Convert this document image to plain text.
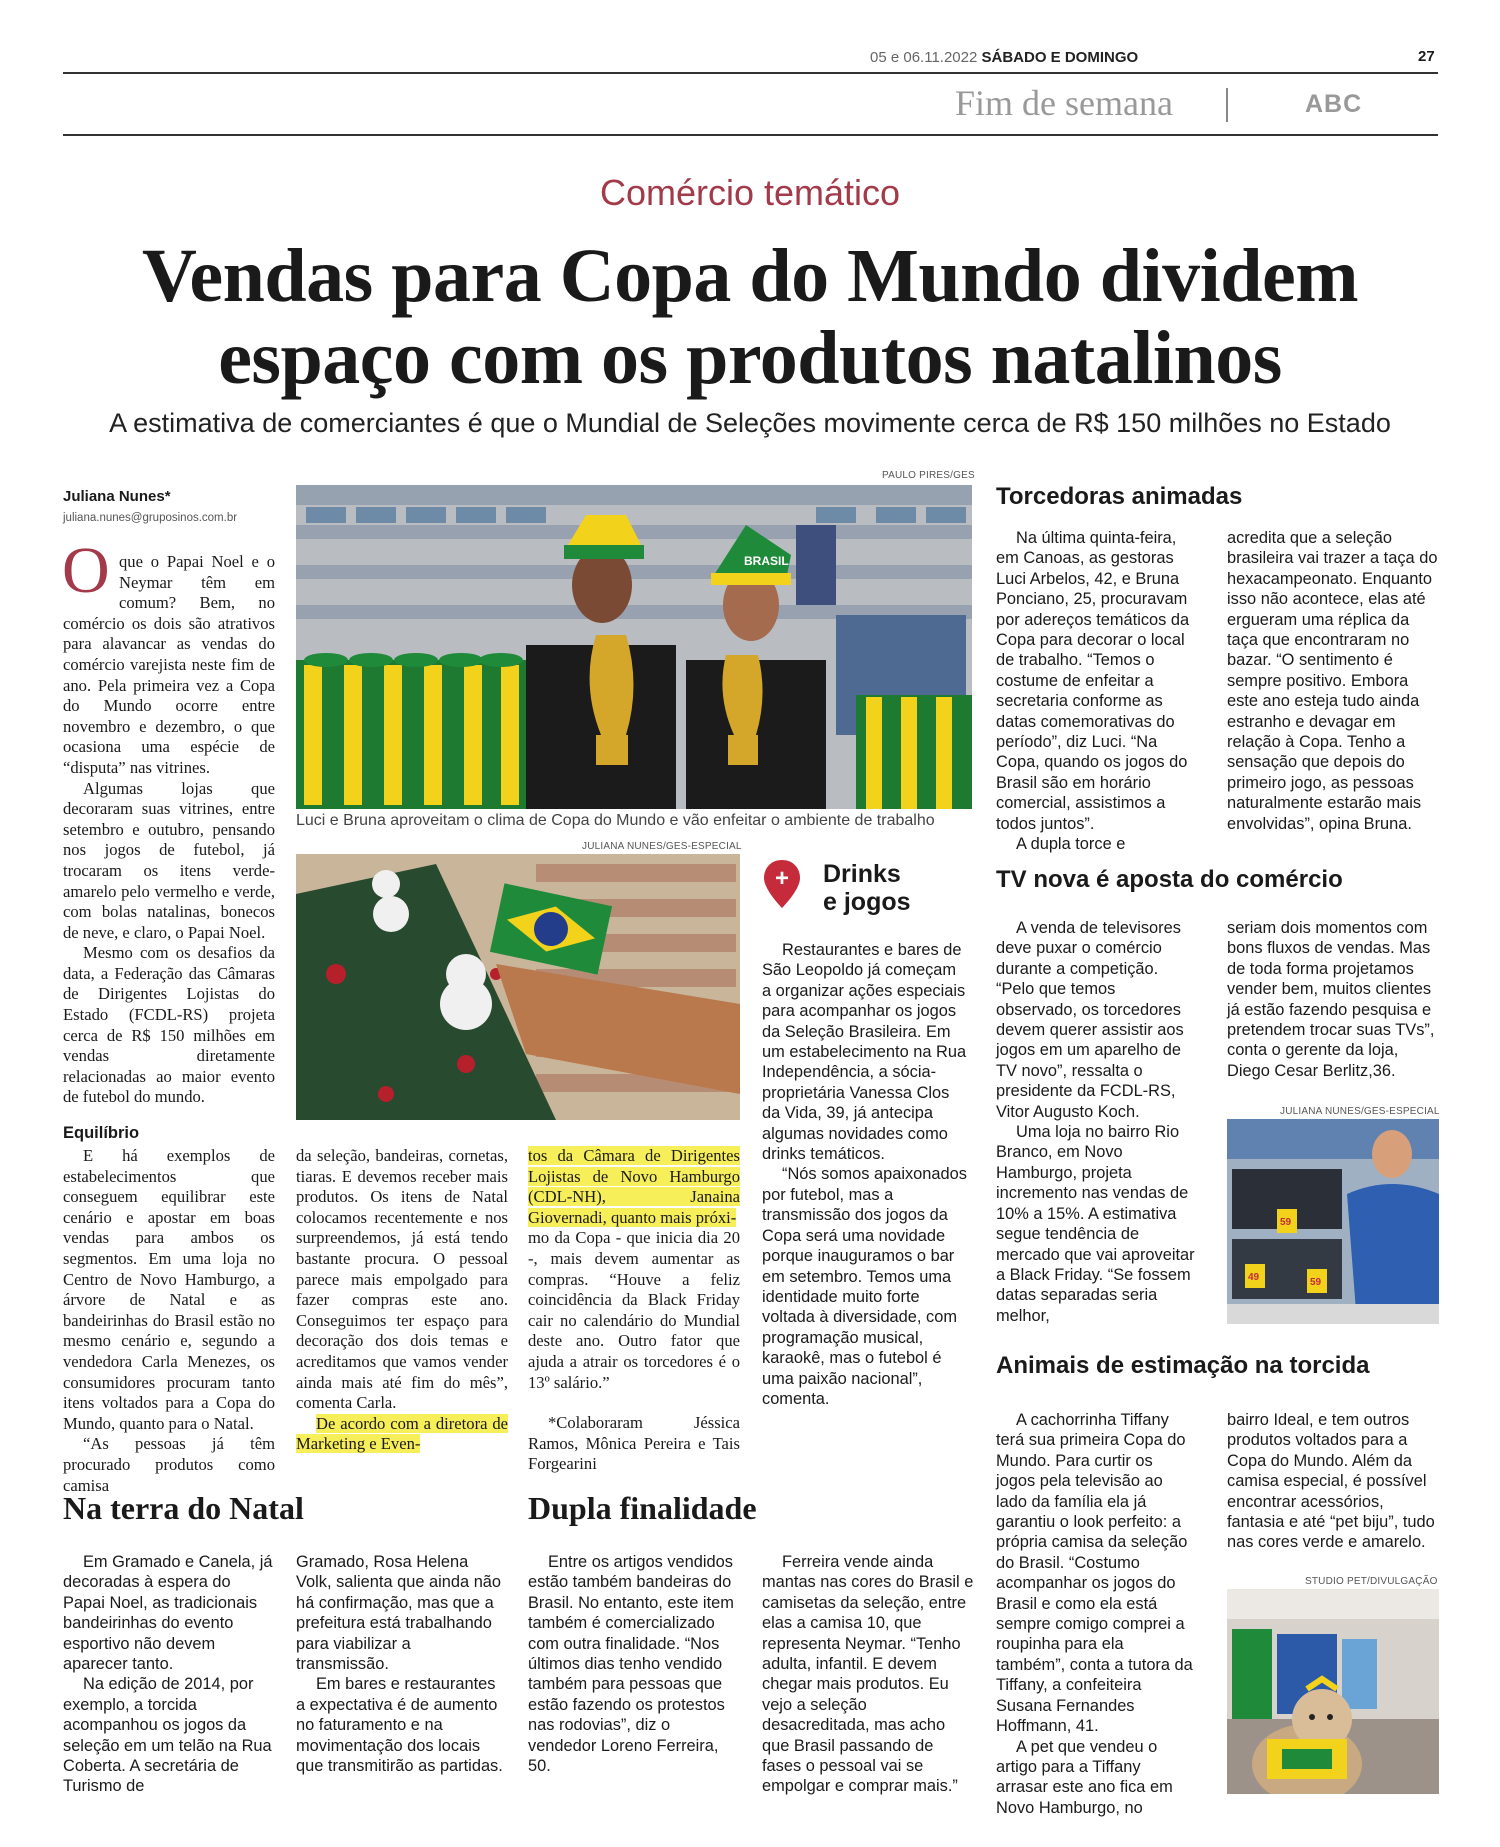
05 e 06.11.2022 SÁBADO E DOMINGO	27
Fim de semana	ABC
Comércio temático
Vendas para Copa do Mundo dividem
espaço com os produtos natalinos
A estimativa de comerciantes é que o Mundial de Seleções movimente cerca de R$ 150 milhões no Estado
Juliana Nunes*
juliana.nunes@gruposinos.com.br
O que o Papai Noel e o Neymar têm em comum? Bem, no comércio os dois são atrativos para alavancar as vendas do comércio varejista neste fim de ano. Pela primeira vez a Copa do Mundo ocorre entre novembro e dezembro, o que ocasiona uma espécie de “disputa” nas vitrines.

Algumas lojas que decoraram suas vitrines, entre setembro e outubro, pensando nos jogos de futebol, já trocaram os itens verde-amarelo pelo vermelho e verde, com bolas natalinas, bonecos de neve, e claro, o Papai Noel.

Mesmo com os desafios da data, a Federação das Câmaras de Dirigentes Lojistas do Estado (FCDL-RS) projeta cerca de R$ 150 milhões em vendas diretamente relacionadas ao maior evento de futebol do mundo.

Equilíbrio

E há exemplos de estabelecimentos que conseguem equilibrar este cenário e apostar em boas vendas para ambos os segmentos. Em uma loja no Centro de Novo Hamburgo, a árvore de Natal e as bandeirinhas do Brasil estão no mesmo cenário e, segundo a vendedora Carla Menezes, os consumidores procuram tanto itens voltados para a Copa do Mundo, quanto para o Natal.

“As pessoas já têm procurado produtos como camisa

PAULO PIRES/GES
BRASIL
Luci e Bruna aproveitam o clima de Copa do Mundo e vão enfeitar o ambiente de trabalho
JULIANA NUNES/GES-ESPECIAL

da seleção, bandeiras, cornetas, tiaras. E devemos receber mais produtos. Os itens de Natal colocamos recentemente e nos surpreendemos, já está tendo bastante procura. O pessoal parece mais empolgado para fazer compras este ano. Conseguimos ter espaço para decoração dos dois temas e acreditamos que vamos vender ainda mais até fim do mês”, comenta Carla.

De acordo com a diretora de Marketing e Even-

tos da Câmara de Dirigentes Lojistas de Novo Hamburgo (CDL-NH), Janaina Giovernadi, quanto mais próxi-

mo da Copa - que inicia dia 20 -, mais devem aumentar as compras. “Houve a feliz coincidência da Black Friday cair no calendário do Mundial deste ano. Outro fator que ajuda a atrair os torcedores é o 13º salário.”

*Colaboraram Jéssica Ramos, Mônica Pereira e Tais Forgearini

+ Drinks
e jogos

Restaurantes e bares de São Leopoldo já começam a organizar ações especiais para acompanhar os jogos da Seleção Brasileira. Em um estabelecimento na Rua Independência, a sócia-proprietária Vanessa Clos da Vida, 39, já antecipa algumas novidades como drinks temáticos.

“Nós somos apaixonados por futebol, mas a transmissão dos jogos da Copa será uma novidade porque inauguramos o bar em setembro. Temos uma identidade muito forte voltada à diversidade, com programação musical, karaokê, mas o futebol é uma paixão nacional”, comenta.

Torcedoras animadas

Na última quinta-feira, em Canoas, as gestoras Luci Arbelos, 42, e Bruna Ponciano, 25, procuravam por adereços temáticos da Copa para decorar o local de trabalho. “Temos o costume de enfeitar a secretaria conforme as datas comemorativas do período”, diz Luci. “Na Copa, quando os jogos do Brasil são em horário comercial, assistimos a todos juntos”.

A dupla torce e

acredita que a seleção brasileira vai trazer a taça do hexacampeonato. Enquanto isso não acontece, elas até ergueram uma réplica da taça que encontraram no bazar. “O sentimento é sempre positivo. Embora este ano esteja tudo ainda estranho e devagar em relação à Copa. Tenho a sensação que depois do primeiro jogo, as pessoas naturalmente estarão mais envolvidas”, opina Bruna.

TV nova é aposta do comércio

A venda de televisores deve puxar o comércio durante a competição. “Pelo que temos observado, os torcedores devem querer assistir aos jogos em um aparelho de TV novo”, ressalta o presidente da FCDL-RS, Vitor Augusto Koch.

Uma loja no bairro Rio Branco, em Novo Hamburgo, projeta incremento nas vendas de 10% a 15%. A estimativa segue tendência de mercado que vai aproveitar a Black Friday. “Se fossem datas separadas seria melhor,

seriam dois momentos com bons fluxos de vendas. Mas de toda forma projetamos vender bem, muitos clientes já estão fazendo pesquisa e pretendem trocar suas TVs”, conta o gerente da loja, Diego Cesar Berlitz,36.

JULIANA NUNES/GES-ESPECIAL
59
49	59
Animais de estimação na torcida

A cachorrinha Tiffany terá sua primeira Copa do Mundo. Para curtir os jogos pela televisão ao lado da família ela já garantiu o look perfeito: a própria camisa da seleção do Brasil. “Costumo acompanhar os jogos do Brasil e como ela está sempre comigo comprei a roupinha para ela também”, conta a tutora da Tiffany, a confeiteira Susana Fernandes Hoffmann, 41.

A pet que vendeu o artigo para a Tiffany arrasar este ano fica em Novo Hamburgo, no

bairro Ideal, e tem outros produtos voltados para a Copa do Mundo. Além da camisa especial, é possível encontrar acessórios, fantasia e até “pet biju”, tudo nas cores verde e amarelo.

STUDIO PET/DIVULGAÇÃO
Na terra do Natal

Em Gramado e Canela, já decoradas à espera do Papai Noel, as tradicionais bandeirinhas do evento esportivo não devem aparecer tanto.

Na edição de 2014, por exemplo, a torcida acompanhou os jogos da seleção em um telão na Rua Coberta. A secretária de Turismo de

Gramado, Rosa Helena Volk, salienta que ainda não há confirmação, mas que a prefeitura está trabalhando para viabilizar a transmissão.

Em bares e restaurantes a expectativa é de aumento no faturamento e na movimentação dos locais que transmitirão as partidas.

Dupla finalidade

Entre os artigos vendidos estão também bandeiras do Brasil. No entanto, este item também é comercializado com outra finalidade. “Nos últimos dias tenho vendido também para pessoas que estão fazendo os protestos nas rodovias”, diz o vendedor Loreno Ferreira, 50.

Ferreira vende ainda mantas nas cores do Brasil e camisetas da seleção, entre elas a camisa 10, que representa Neymar. “Tenho adulta, infantil. E devem chegar mais produtos. Eu vejo a seleção desacreditada, mas acho que Brasil passando de fases o pessoal vai se empolgar e comprar mais.”
